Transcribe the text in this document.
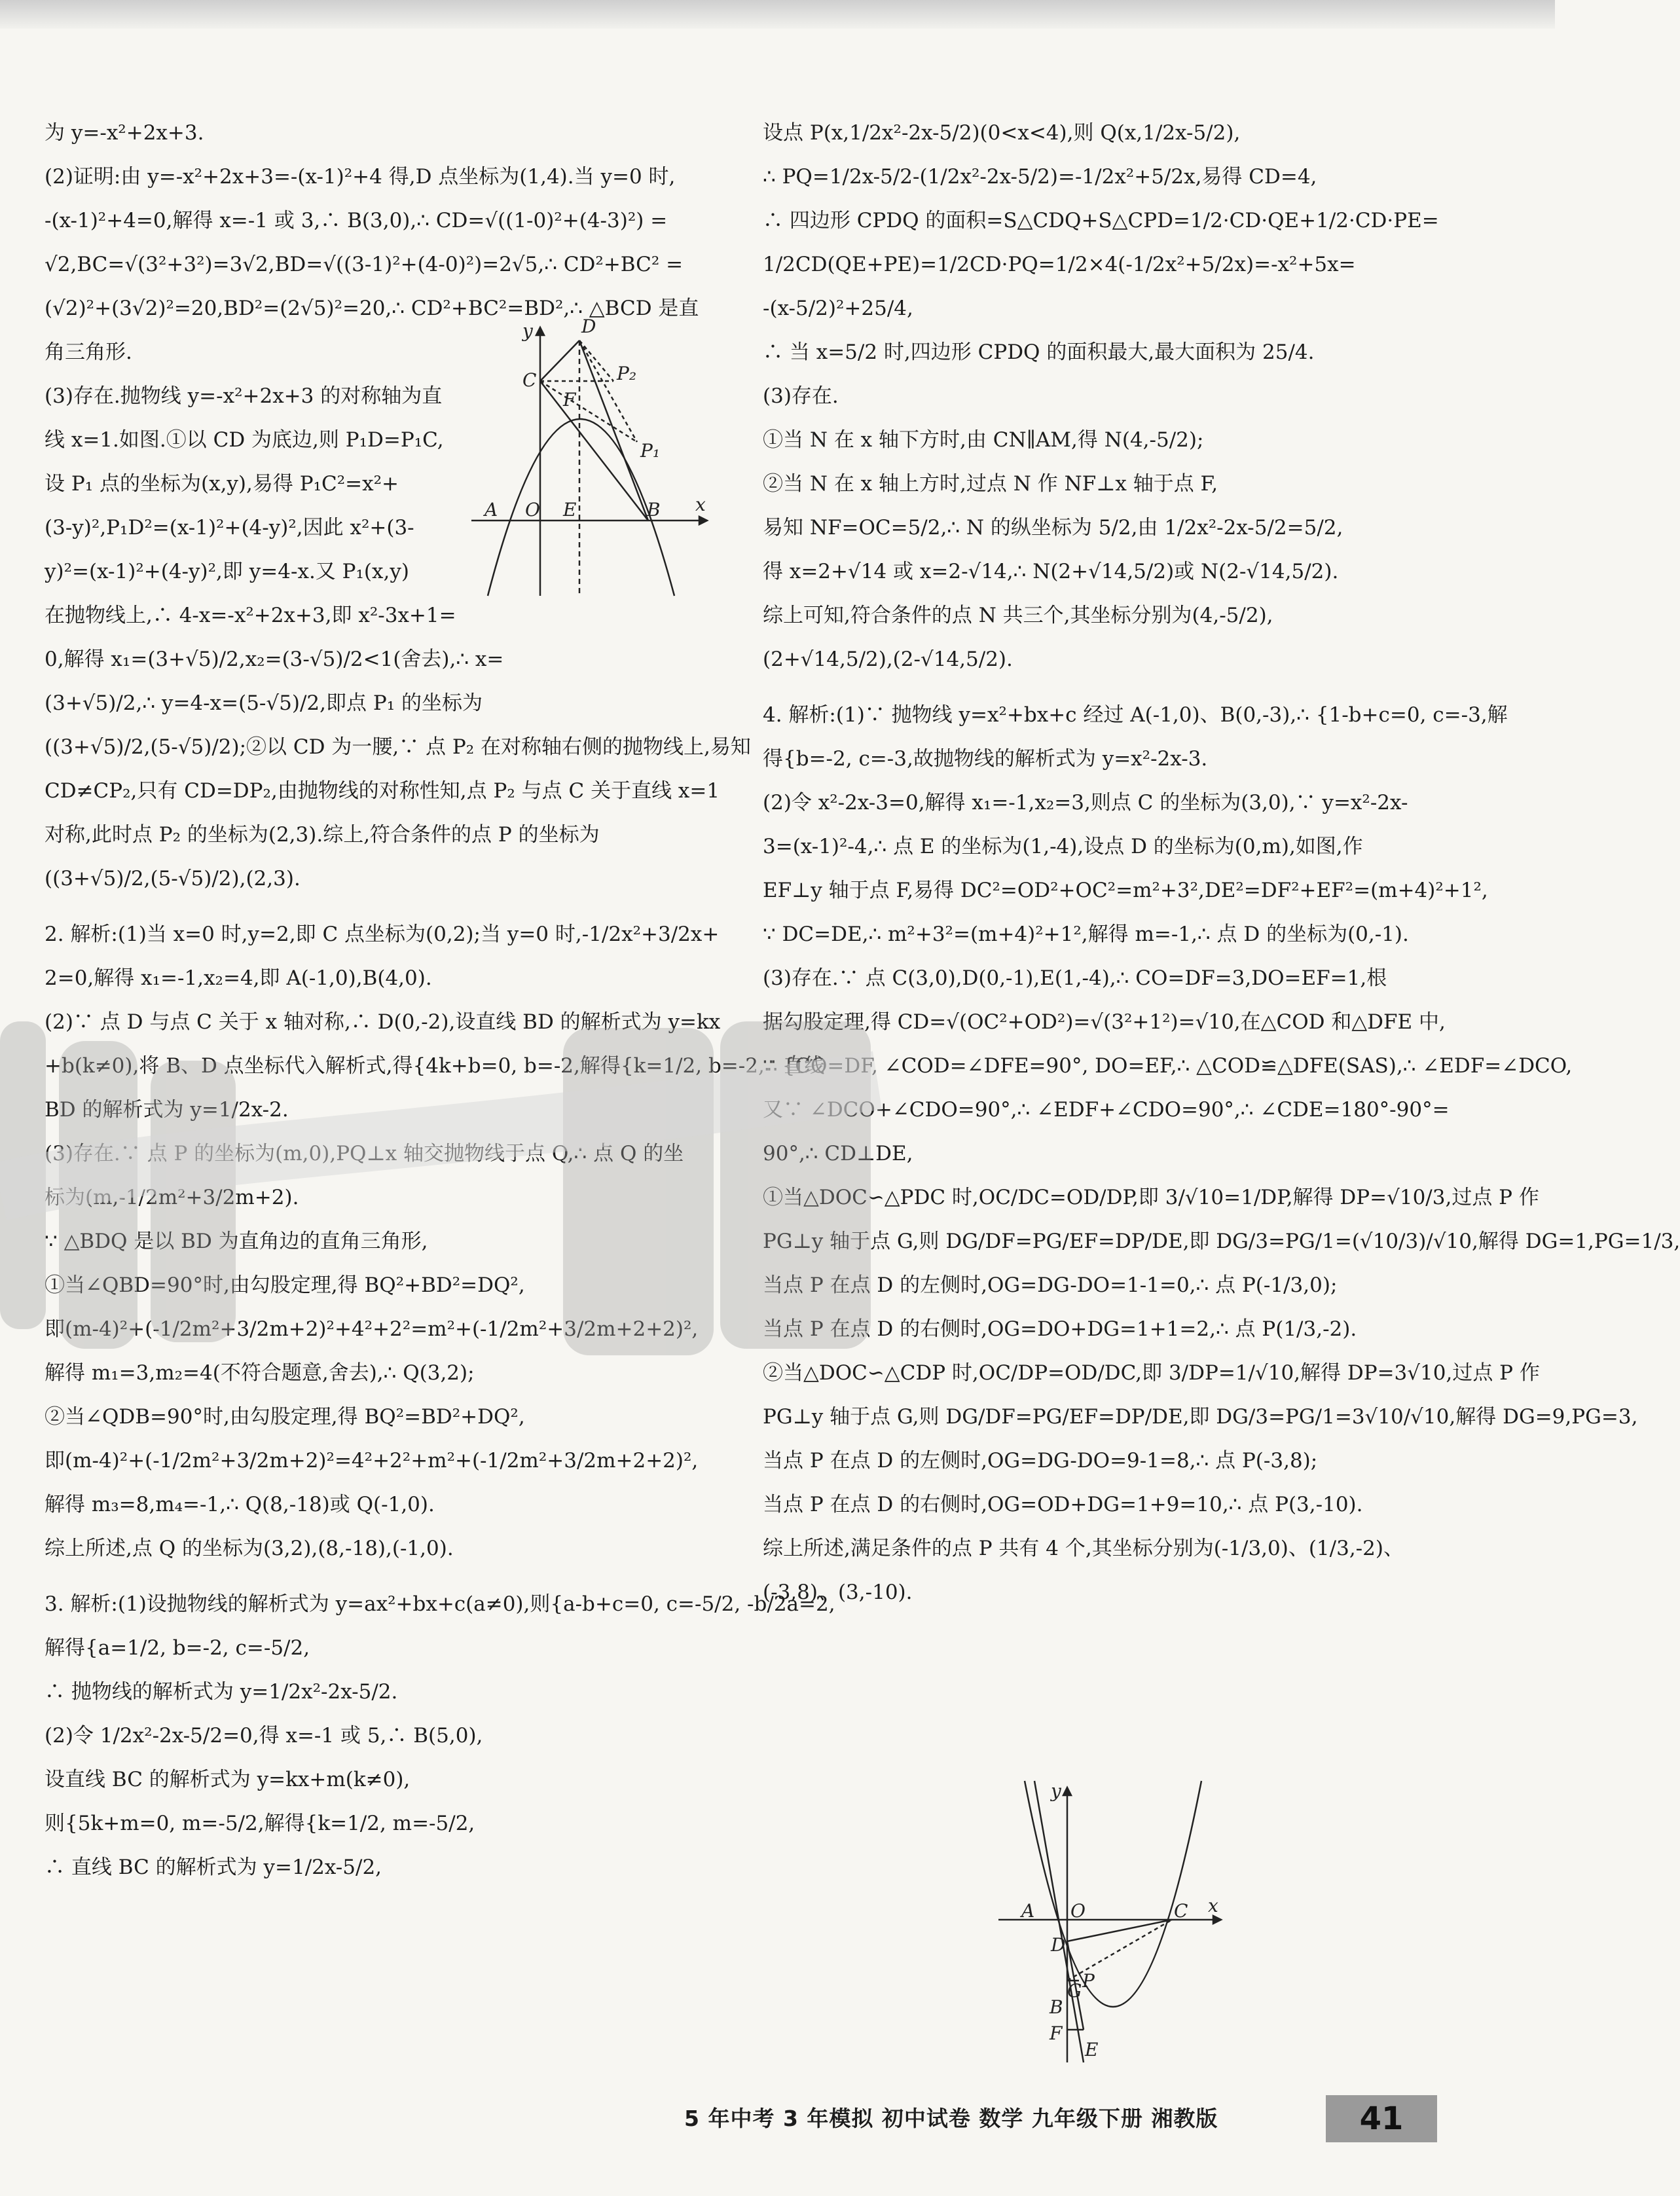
为 y=-x²+2x+3.
(2)证明:由 y=-x²+2x+3=-(x-1)²+4 得,D 点坐标为(1,4).当 y=0 时,
-(x-1)²+4=0,解得 x=-1 或 3,∴ B(3,0),∴ CD=√((1-0)²+(4-3)²) =
√2,BC=√(3²+3²)=3√2,BD=√((3-1)²+(4-0)²)=2√5,∴ CD²+BC² =
(√2)²+(3√2)²=20,BD²=(2√5)²=20,∴ CD²+BC²=BD²,∴ △BCD 是直
角三角形.
(3)存在.抛物线 y=-x²+2x+3 的对称轴为直
线 x=1.如图.①以 CD 为底边,则 P₁D=P₁C,
设 P₁ 点的坐标为(x,y),易得 P₁C²=x²+
(3-y)²,P₁D²=(x-1)²+(4-y)²,因此 x²+(3-
y)²=(x-1)²+(4-y)²,即 y=4-x.又 P₁(x,y)
在抛物线上,∴ 4-x=-x²+2x+3,即 x²-3x+1=
0,解得 x₁=(3+√5)/2,x₂=(3-√5)/2<1(舍去),∴ x=
(3+√5)/2,∴ y=4-x=(5-√5)/2,即点 P₁ 的坐标为
((3+√5)/2,(5-√5)/2);②以 CD 为一腰,∵ 点 P₂ 在对称轴右侧的抛物线上,易知
CD≠CP₂,只有 CD=DP₂,由抛物线的对称性知,点 P₂ 与点 C 关于直线 x=1
对称,此时点 P₂ 的坐标为(2,3).综上,符合条件的点 P 的坐标为
((3+√5)/2,(5-√5)/2),(2,3).
2. 解析:(1)当 x=0 时,y=2,即 C 点坐标为(0,2);当 y=0 时,-1/2x²+3/2x+
2=0,解得 x₁=-1,x₂=4,即 A(-1,0),B(4,0).
(2)∵ 点 D 与点 C 关于 x 轴对称,∴ D(0,-2),设直线 BD 的解析式为 y=kx
+b(k≠0),将 B、D 点坐标代入解析式,得{4k+b=0, b=-2,解得{k=1/2, b=-2,∴ 直线
BD 的解析式为 y=1/2x-2.
(3)存在.∵ 点 P 的坐标为(m,0),PQ⊥x 轴交抛物线于点 Q,∴ 点 Q 的坐
标为(m,-1/2m²+3/2m+2).
∵ △BDQ 是以 BD 为直角边的直角三角形,
①当∠QBD=90°时,由勾股定理,得 BQ²+BD²=DQ²,
即(m-4)²+(-1/2m²+3/2m+2)²+4²+2²=m²+(-1/2m²+3/2m+2+2)²,
解得 m₁=3,m₂=4(不符合题意,舍去),∴ Q(3,2);
②当∠QDB=90°时,由勾股定理,得 BQ²=BD²+DQ²,
即(m-4)²+(-1/2m²+3/2m+2)²=4²+2²+m²+(-1/2m²+3/2m+2+2)²,
解得 m₃=8,m₄=-1,∴ Q(8,-18)或 Q(-1,0).
综上所述,点 Q 的坐标为(3,2),(8,-18),(-1,0).
3. 解析:(1)设抛物线的解析式为 y=ax²+bx+c(a≠0),则{a-b+c=0, c=-5/2, -b/2a=2,
解得{a=1/2, b=-2, c=-5/2,
∴ 抛物线的解析式为 y=1/2x²-2x-5/2.
(2)令 1/2x²-2x-5/2=0,得 x=-1 或 5,∴ B(5,0),
设直线 BC 的解析式为 y=kx+m(k≠0),
则{5k+m=0, m=-5/2,解得{k=1/2, m=-5/2,
∴ 直线 BC 的解析式为 y=1/2x-5/2,
y
x
D
C	P₂
F
P₁
A O E	B
设点 P(x,1/2x²-2x-5/2)(0<x<4),则 Q(x,1/2x-5/2),
∴ PQ=1/2x-5/2-(1/2x²-2x-5/2)=-1/2x²+5/2x,易得 CD=4,
∴ 四边形 CPDQ 的面积=S△CDQ+S△CPD=1/2·CD·QE+1/2·CD·PE=
1/2CD(QE+PE)=1/2CD·PQ=1/2×4(-1/2x²+5/2x)=-x²+5x=
-(x-5/2)²+25/4,
∴ 当 x=5/2 时,四边形 CPDQ 的面积最大,最大面积为 25/4.
(3)存在.
①当 N 在 x 轴下方时,由 CN∥AM,得 N(4,-5/2);
②当 N 在 x 轴上方时,过点 N 作 NF⊥x 轴于点 F,
易知 NF=OC=5/2,∴ N 的纵坐标为 5/2,由 1/2x²-2x-5/2=5/2,
得 x=2+√14 或 x=2-√14,∴ N(2+√14,5/2)或 N(2-√14,5/2).
综上可知,符合条件的点 N 共三个,其坐标分别为(4,-5/2),
(2+√14,5/2),(2-√14,5/2).
4. 解析:(1)∵ 抛物线 y=x²+bx+c 经过 A(-1,0)、B(0,-3),∴ {1-b+c=0, c=-3,解
得{b=-2, c=-3,故抛物线的解析式为 y=x²-2x-3.
(2)令 x²-2x-3=0,解得 x₁=-1,x₂=3,则点 C 的坐标为(3,0),∵ y=x²-2x-
3=(x-1)²-4,∴ 点 E 的坐标为(1,-4),设点 D 的坐标为(0,m),如图,作
EF⊥y 轴于点 F,易得 DC²=OD²+OC²=m²+3²,DE²=DF²+EF²=(m+4)²+1²,
∵ DC=DE,∴ m²+3²=(m+4)²+1²,解得 m=-1,∴ 点 D 的坐标为(0,-1).
(3)存在.∵ 点 C(3,0),D(0,-1),E(1,-4),∴ CO=DF=3,DO=EF=1,根
据勾股定理,得 CD=√(OC²+OD²)=√(3²+1²)=√10,在△COD 和△DFE 中,
∵ {CO=DF, ∠COD=∠DFE=90°, DO=EF,∴ △COD≌△DFE(SAS),∴ ∠EDF=∠DCO,
又∵ ∠DCO+∠CDO=90°,∴ ∠EDF+∠CDO=90°,∴ ∠CDE=180°-90°=
90°,∴ CD⊥DE,
①当△DOC∽△PDC 时,OC/DC=OD/DP,即 3/√10=1/DP,解得 DP=√10/3,过点 P 作
PG⊥y 轴于点 G,则 DG/DF=PG/EF=DP/DE,即 DG/3=PG/1=(√10/3)/√10,解得 DG=1,PG=1/3,
当点 P 在点 D 的左侧时,OG=DG-DO=1-1=0,∴ 点 P(-1/3,0);
当点 P 在点 D 的右侧时,OG=DO+DG=1+1=2,∴ 点 P(1/3,-2).
②当△DOC∽△CDP 时,OC/DP=OD/DC,即 3/DP=1/√10,解得 DP=3√10,过点 P 作
PG⊥y 轴于点 G,则 DG/DF=PG/EF=DP/DE,即 DG/3=PG/1=3√10/√10,解得 DG=9,PG=3,
当点 P 在点 D 的左侧时,OG=DG-DO=9-1=8,∴ 点 P(-3,8);
当点 P 在点 D 的右侧时,OG=OD+DG=1+9=10,∴ 点 P(3,-10).
综上所述,满足条件的点 P 共有 4 个,其坐标分别为(-1/3,0)、(1/3,-2)、
(-3,8)、(3,-10).
y
x
A O	C
D
G P
B
F
E
5 年中考 3 年模拟 初中试卷 数学 九年级下册 湘教版	41
